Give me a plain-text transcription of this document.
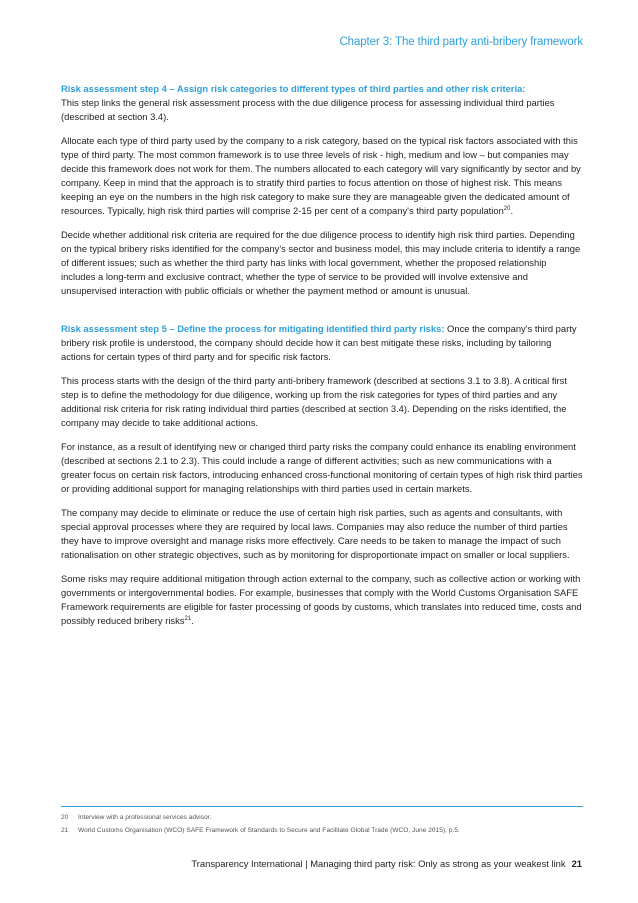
Chapter 3: The third party anti-bribery framework

Risk assessment step 4 – Assign risk categories to different types of third parties and other risk criteria:
This step links the general risk assessment process with the due diligence process for assessing individual third parties (described at section 3.4).

Allocate each type of third party used by the company to a risk category, based on the typical risk factors associated with this type of third party. The most common framework is to use three levels of risk - high, medium and low – but companies may decide this framework does not work for them. The numbers allocated to each category will vary significantly by sector and by company. Keep in mind that the approach is to stratify third parties to focus attention on those of highest risk. This means keeping an eye on the numbers in the high risk category to make sure they are manageable given the dedicated amount of resources. Typically, high risk third parties will comprise 2-15 per cent of a company's third party population$^{20}$.

Decide whether additional risk criteria are required for the due diligence process to identify high risk third parties. Depending on the typical bribery risks identified for the company's sector and business model, this may include criteria to identify a range of different issues; such as whether the third party has links with local government, whether the proposed relationship includes a long-term and exclusive contract, whether the type of service to be provided will involve extensive and unsupervised interaction with public officials or whether the payment method or amount is unusual.

Risk assessment step 5 – Define the process for mitigating identified third party risks: Once the company's third party bribery risk profile is understood, the company should decide how it can best mitigate these risks, including by tailoring actions for certain types of third party and for specific risk factors.

This process starts with the design of the third party anti-bribery framework (described at sections 3.1 to 3.8). A critical first step is to define the methodology for due diligence, working up from the risk categories for types of third parties and any additional risk criteria for risk rating individual third parties (described at section 3.4). Depending on the risks identified, the company may decide to take additional actions.

For instance, as a result of identifying new or changed third party risks the company could enhance its enabling environment (described at sections 2.1 to 2.3). This could include a range of different activities; such as new communications with a greater focus on certain risk factors, introducing enhanced cross-functional monitoring of certain types of high risk third parties or providing additional support for managing relationships with third parties used in certain markets.

The company may decide to eliminate or reduce the use of certain high risk parties, such as agents and consultants, with special approval processes where they are required by local laws. Companies may also reduce the number of third parties they have to improve oversight and manage risks more effectively. Care needs to be taken to manage the impact of such rationalisation on other strategic objectives, such as by monitoring for disproportionate impact on smaller or local suppliers.

Some risks may require additional mitigation through action external to the company, such as collective action or working with governments or intergovernmental bodies. For example, businesses that comply with the World Customs Organisation SAFE Framework requirements are eligible for faster processing of goods by customs, which translates into reduced time, costs and possibly reduced bribery risks$^{21}$.

20 Interview with a professional services advisor.
21 World Customs Organisation (WCO) SAFE Framework of Standards to Secure and Facilitate Global Trade (WCO, June 2015), p.5.
Transparency International | Managing third party risk: Only as strong as your weakest link 21
